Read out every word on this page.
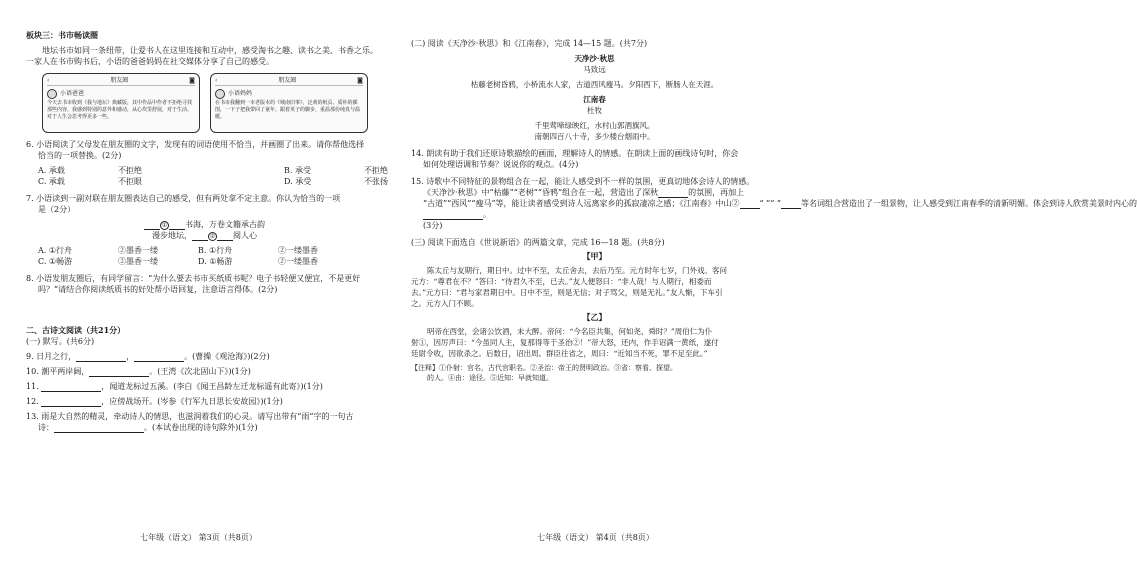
板块三：书市畅读圈
地坛书市如同一条纽带，让爱书人在这里连接和互动中，感受淘书之趣、读书之美、书香之乐。
一家人在书市购书后，小语的爸爸妈妈在社交媒体分享了自己的感受。
‹	朋友圈	◙
小语爸爸
今天去书市收到《我与地坛》典藏版，其中作品中作者不拒绝寻找那些内容，我感到特别的意外和感动，从心坎里舒展，对于生活、对于人生会思考得更多一些。
‹	朋友圈	◙
小语妈妈
在书市我翻到一本老版本的《城南旧事》，泛黄的纸页、质朴的插图，一下子把我带回了童年。跟着英子的脚步，重温那份纯真与温暖。
6. 小语阅读了父母发在朋友圈的文字，发现有的词语使用不恰当，并画圈了出来。请你帮他选择
恰当的一项替换。(2分)
A. 承载	不拒绝	B. 承受	不拒绝
C. 承载	不拒眼	D. 承受	不张扬
7. 小语读到一副对联在朋友圈表达自己的感受，但有两处拿不定主意。你认为恰当的一项
是（2分）
① 书海，万卷文籍承古韵
漫步地坛，	② 阅人心
A. ①行舟	②墨香一缕	B. ①行舟	②一缕墨香
C. ①畅游	②墨香一缕	D. ①畅游	②一缕墨香
8. 小语发朋友圈后，有同学留言：“为什么要去书市买纸质书呢？电子书轻便又便宜，不是更好
吗？”请结合你阅读纸质书的好处帮小语回复，注意语言得体。(2分)
二、古诗文阅读（共21分）
(一) 默写。(共6分)
9. 日月之行，	，	。(曹操《观沧海》)(2分)
10. 潮平两岸阔，	。(王湾《次北固山下》)(1分)
11.	，闻道龙标过五溪。(李白《闻王昌龄左迁龙标遥有此寄》)(1分)
12.	，应傍战场开。(岑参《行军九日思长安故园》)(1分)
13. 雨是大自然的精灵，牵动诗人的情思，也滋润着我们的心灵。请写出带有“雨”字的一句古
诗：	。(本试卷出现的诗句除外)(1分)
七年级（语文） 第3页（共8页）
(二) 阅读《天净沙·秋思》和《江南春》，完成 14—15 题。(共7分)
天净沙·秋思
马致远
枯藤老树昏鸦，小桥流水人家，古道西风瘦马。夕阳西下，断肠人在天涯。
江南春
杜牧
千里莺啼绿映红，水村山郭酒旗风。
南朝四百八十寺，多少楼台烟雨中。
14. 朗读有助于我们还原诗歌描绘的画面，理解诗人的情感。在朗读上面的画线诗句时，你会
如何处理语调和节奏？说说你的观点。(4分)
15. 诗歌中不同特征的景物组合在一起，能让人感受到不一样的氛围，更真切地体会诗人的情感。
《天净沙·秋思》中“枯藤”“老树”“昏鸦”组合在一起，营造出了深秋	的氛围，再加上
“古道”“西风”“瘦马”等，能让读者感受到诗人远离家乡的孤寂凄凉之感；《江南春》中山②	“ ”“ ”	等名词组合营造出了一组景物，让人感受到江南春季的清新明媚。体会到诗人欣赏美景时内心的
。
(3分)
(三) 阅读下面选自《世说新语》的两篇文章，完成 16—18 题。(共8分)
【甲】
陈太丘与友期行，期日中。过中不至，太丘舍去，去后乃至。元方时年七岁，门外戏。客问
元方：“尊君在不？”答曰：“待君久不至，已去。”友人便怒曰：“非人哉！与人期行，相委而
去。”元方曰：“君与家君期日中。日中不至，则是无信；对子骂父，则是无礼。”友人惭，下车引
之。元方入门不顾。
【乙】
明帝在西堂，会诸公饮酒，未大醉。帝问：“今名臣共集，何如尧、舜时？”周伯仁为仆
射①，因厉声曰：“今虽同人主，复那得等于圣治②！”帝大怒，还内，作手诏满一黄纸，遂付
廷尉令收，因欲杀之。后数日，诏出周。群臣往省之，周曰：“近知当不死，罪不足至此。”
【注释】①仆射：官名，古代官职名。②圣治：帝王的贤明政治。③省：察看、探望。
的人。④由：途径。⑤近知：早就知道。
七年级（语文） 第4页（共8页）
